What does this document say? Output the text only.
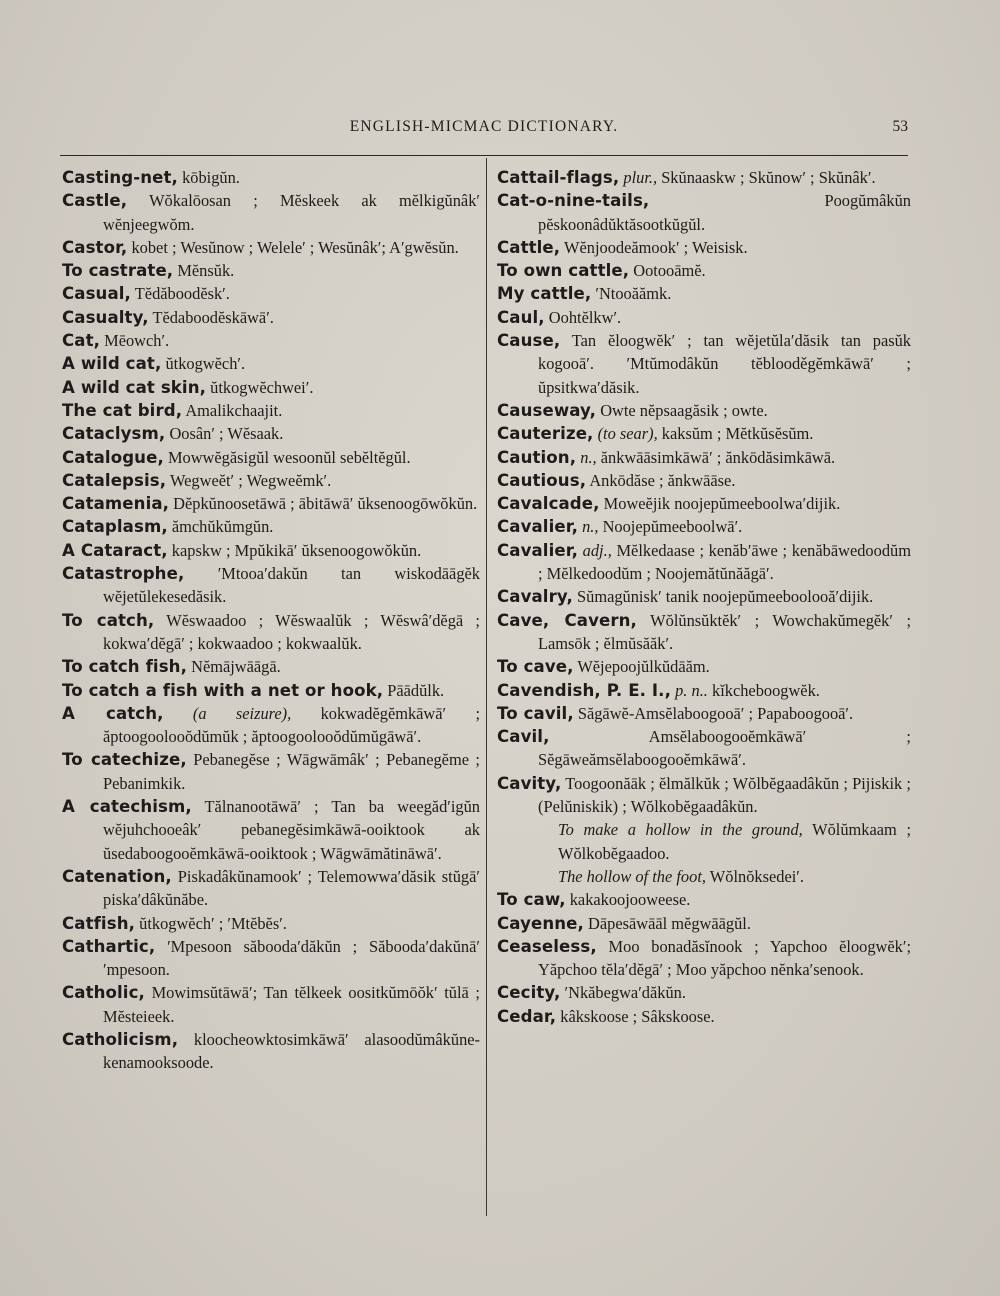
ENGLISH-MICMAC DICTIONARY.	53
Casting-net, kōbigŭn.
Castle, Wŏkalōosan ; Mĕskeek ak mĕlkigŭnâk′ wĕnjeegwŏm.
Castor, kobet ; Wesŭnow ; Welele′ ; Wesŭnâk′; A′gwĕsŭn.
To castrate, Mĕnsŭk.
Casual, Tĕdăboodĕsk′.
Casualty, Tĕdaboodĕskāwā′.
Cat, Mēowch′.
A wild cat, ŭtkogwĕch′.
A wild cat skin, ŭtkogwĕchwei′.
The cat bird, Amalikchaajit.
Cataclysm, Oosân′ ; Wĕsaak.
Catalogue, Mowwĕgăsigŭl wesoonŭl sebĕltĕgŭl.
Catalepsis, Wegweĕt′ ; Wegweĕmk′.
Catamenia, Dĕpkŭnoosetāwā ; ābitāwā′ ŭksenoogōwŏkŭn.
Cataplasm, ămchŭkŭmgŭn.
A Cataract, kapskw ; Mpŭkikā′ ŭksenoogowŏkŭn.
Catastrophe, ′Mtooa′dakŭn tan wiskodāāgĕk wĕjetŭlekesedăsik.
To catch, Wĕswaadoo ; Wĕswaalŭk ; Wĕswâ′dĕgā ; kokwa′dĕgā′ ; kokwaadoo ; kokwaalŭk.
To catch fish, Nĕmājwāāgā.
To catch a fish with a net or hook, Pāādŭlk.
A catch, (a seizure), kokwadĕgĕmkāwā′ ; ăptoogoolooŏdŭmŭk ; ăptoogoolooŏdŭmŭgāwā′.
To catechize, Pebanegĕse ; Wāgwāmâk′ ; Pebanegĕme ; Pebanimkik.
A catechism, Tălnanootāwā′ ; Tan ba weegăd′igŭn wĕjuhchooeâk′ pebanegĕsimkāwā-ooiktook ak ŭsedaboogooĕmkāwā-ooiktook ; Wāgwāmătināwā′.
Catenation, Piskadâkŭnamook′ ; Telemowwa′dăsik stŭgā′ piska′dâkŭnăbe.
Catfish, ŭtkogwĕch′ ; ′Mtĕbĕs′.
Cathartic, ′Mpesoon săbooda′dăkŭn ; Săbooda′dakŭnā′ ′mpesoon.
Catholic, Mowimsŭtāwā′; Tan tĕlkeek oositkŭmōŏk′ tŭlā ; Mĕsteieek.
Catholicism, kloocheowktosimkāwā′ alasoodŭmâkŭne-kenamooksoode.
Cattail-flags, plur., Skŭnaaskw ; Skŭnow′ ; Skŭnâk′.
Cat-o-nine-tails,	Poogŭmâkŭn pĕskoonâdŭktăsootkŭgŭl.
Cattle, Wĕnjoodeămook′ ; Weisisk.
To own cattle, Ootooāmĕ.
My cattle, ′Ntooăămk.
Caul, Oohtĕlkw′.
Cause, Tan ĕloogwĕk′ ; tan wĕjetŭla′dăsik tan pasŭk kogooā′. ′Mtŭmodâkŭn tĕblooděgĕmkāwā′ ; ŭpsitkwa′dăsik.
Causeway, Owte nĕpsaagăsik ; owte.
Cauterize, (to sear), kaksŭm ; Mĕtkŭsĕsŭm.
Caution, n., ănkwāāsimkāwā′ ; ănkōdăsimkāwā.
Cautious, Ankōdăse ; ănkwāāse.
Cavalcade, Moweĕjik noojepŭmeeboolwa′dijik.
Cavalier, n., Noojepŭmeeboolwā′.
Cavalier, adj., Mĕlkedaase ; kenăb′āwe ; kenăbāwedoodŭm ; Mĕlkedoodŭm ; Noojemătŭnăăgā′.
Cavalry, Sŭmagŭnisk′ tanik noojepŭmeeboolooă′dijik.
Cave, Cavern, Wŏlŭnsŭktĕk′ ; Wowchakŭmegĕk′ ; Lamsōk ; ĕlmŭsăăk′.
To cave, Wĕjepoojŭlkŭdāăm.
Cavendish, P. E. I., p. n.. kĭkcheboogwĕk.
To cavil, Săgāwĕ-Amsĕlaboogooā′ ; Papaboogooā′.
Cavil,	Amsĕlaboogooĕmkāwā′ ; Sĕgāweămsĕlaboogooĕmkāwā′.
Cavity, Toogoonăāk ; ĕlmălkŭk ; Wŏlbĕgaadâkŭn ; Pijiskik ; (Pelŭniskik) ; Wŏlkobĕgaadâkŭn.
To make a hollow in the ground, Wŏlŭmkaam ; Wŏlkobĕgaadoo.
The hollow of the foot, Wŏlnŏksedei′.
To caw, kakakoojooweese.
Cayenne, Dāpesāwāāl mĕgwāāgŭl.
Ceaseless, Moo bonadăsĭnook ; Yapchoo ĕloogwĕk′; Yăpchoo tĕla′dĕgā′ ; Moo yăpchoo nĕnka′senook.
Cecity, ′Nkăbegwa′dăkŭn.
Cedar, kâkskoose ; Sâkskoose.
